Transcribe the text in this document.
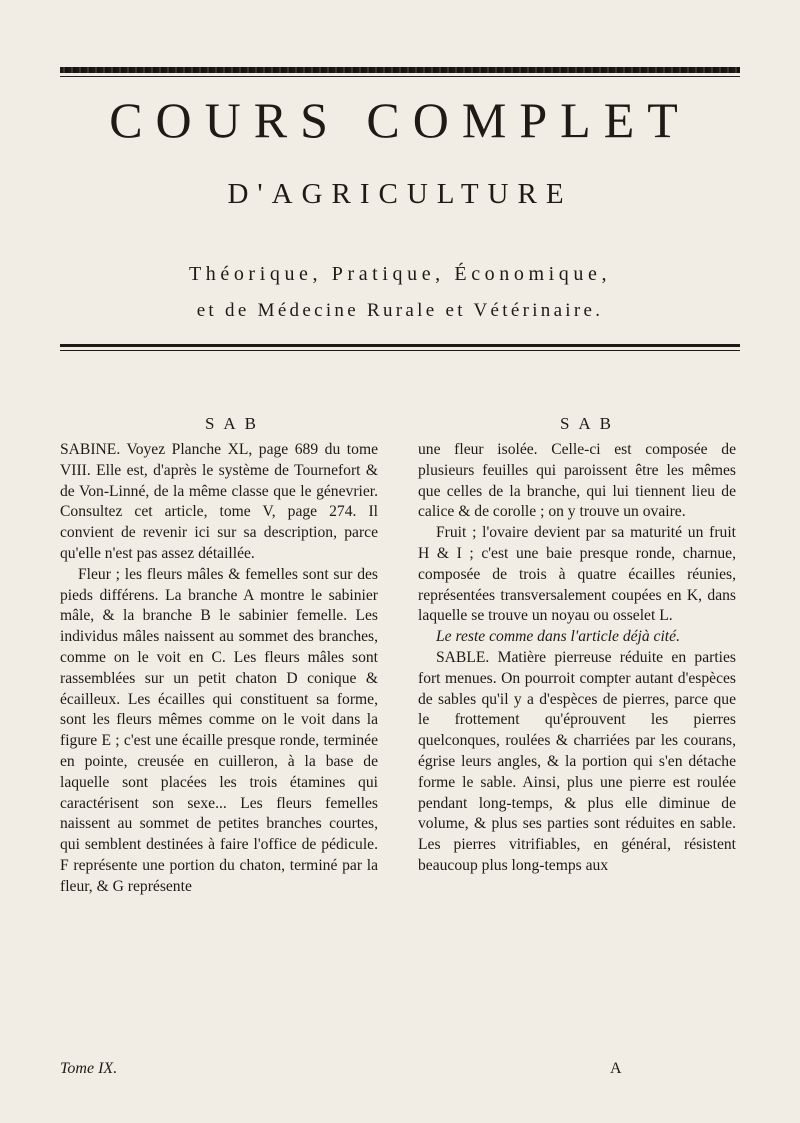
COURS COMPLET
D'AGRICULTURE
Théorique, Pratique, Économique,
et de Médecine Rurale et Vétérinaire.
SAB	SAB

SABINE. Voyez Planche XL, page 689 du tome VIII. Elle est, d'après le système de Tournefort & de Von-Linné, de la même classe que le génevrier. Consultez cet article, tome V, page 274. Il convient de revenir ici sur sa description, parce qu'elle n'est pas assez détaillée.

Fleur ; les fleurs mâles & femelles sont sur des pieds différens. La branche A montre le sabinier mâle, & la branche B le sabinier femelle. Les individus mâles naissent au sommet des branches, comme on le voit en C. Les fleurs mâles sont rassemblées sur un petit chaton D conique & écailleux. Les écailles qui constituent sa forme, sont les fleurs mêmes comme on le voit dans la figure E ; c'est une écaille presque ronde, terminée en pointe, creusée en cuilleron, à la base de laquelle sont placées les trois étamines qui caractérisent son sexe... Les fleurs femelles naissent au sommet de petites branches courtes, qui semblent destinées à faire l'office de pédicule. F représente une portion du chaton, terminé par la fleur, & G représente

une fleur isolée. Celle-ci est composée de plusieurs feuilles qui paroissent être les mêmes que celles de la branche, qui lui tiennent lieu de calice & de corolle ; on y trouve un ovaire.

Fruit ; l'ovaire devient par sa maturité un fruit H & I ; c'est une baie presque ronde, charnue, composée de trois à quatre écailles réunies, représentées transversalement coupées en K, dans laquelle se trouve un noyau ou osselet L.

Le reste comme dans l'article déjà cité.

SABLE. Matière pierreuse réduite en parties fort menues. On pourroit compter autant d'espèces de sables qu'il y a d'espèces de pierres, parce que le frottement qu'éprouvent les pierres quelconques, roulées & charriées par les courans, égrise leurs angles, & la portion qui s'en détache forme le sable. Ainsi, plus une pierre est roulée pendant long-temps, & plus elle diminue de volume, & plus ses parties sont réduites en sable. Les pierres vitrifiables, en général, résistent beaucoup plus long-temps aux

Tome IX.	A
